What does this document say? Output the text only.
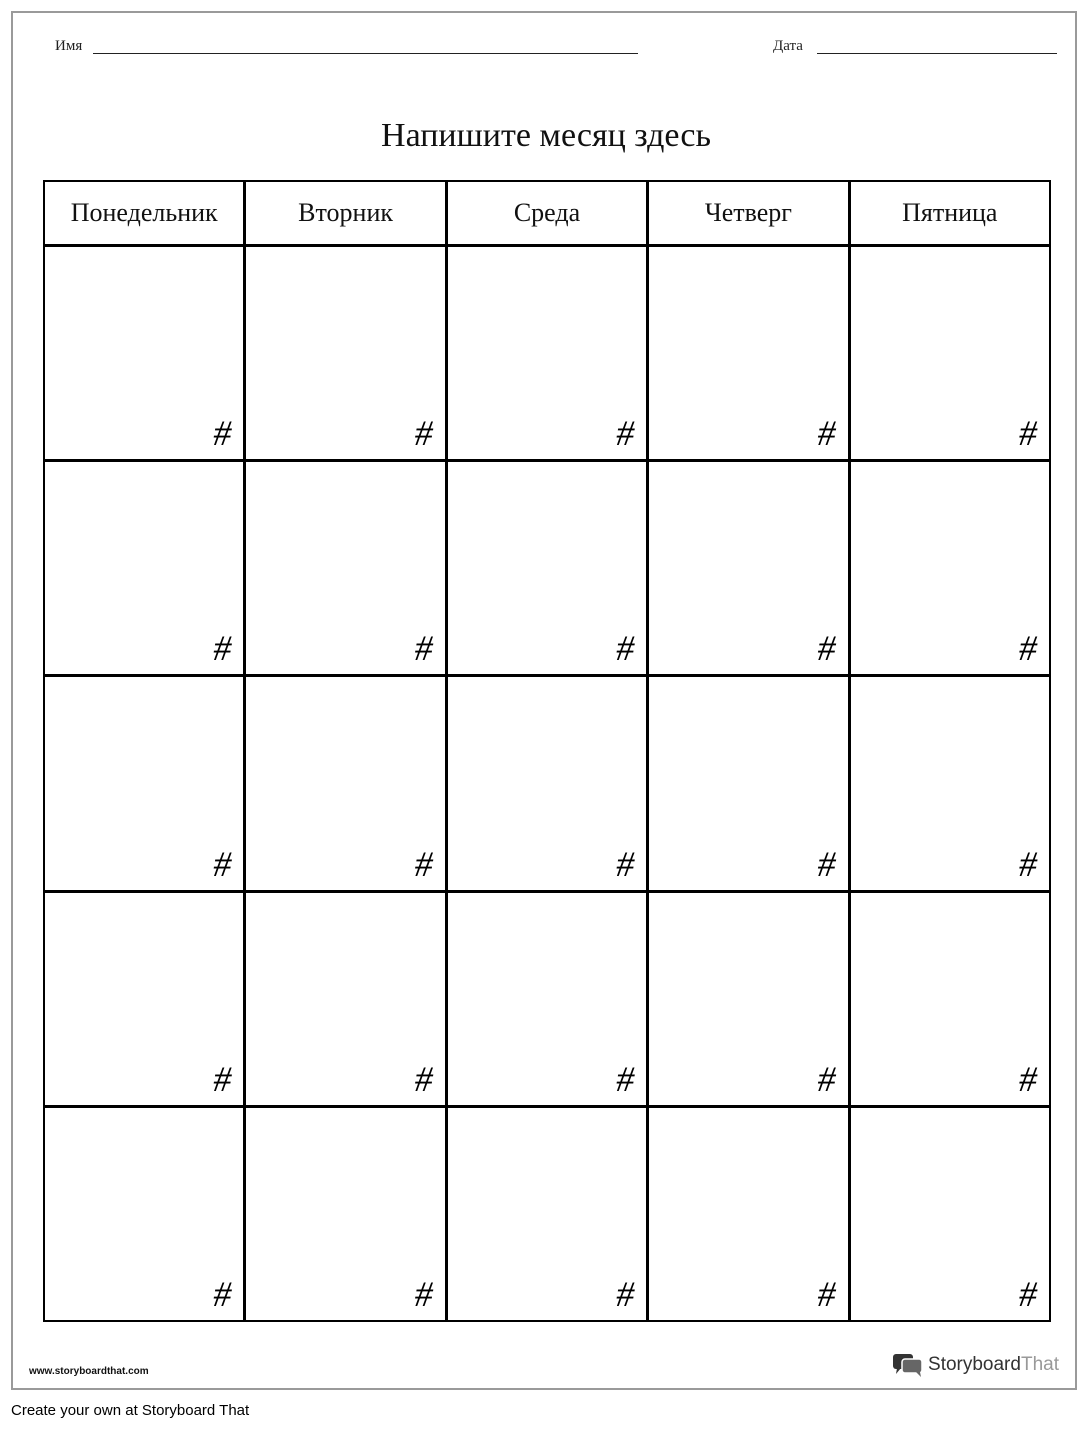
Имя	Дата
Напишите месяц здесь
www.storyboardthat.com	Storyboard That
Понедельник	Вторник	Среда	Четверг	Пятница
#	#	#	#	#
#	#	#	#	#
#	#	#	#	#
#	#	#	#	#
#	#	#	#	#
Create your own at Storyboard That
